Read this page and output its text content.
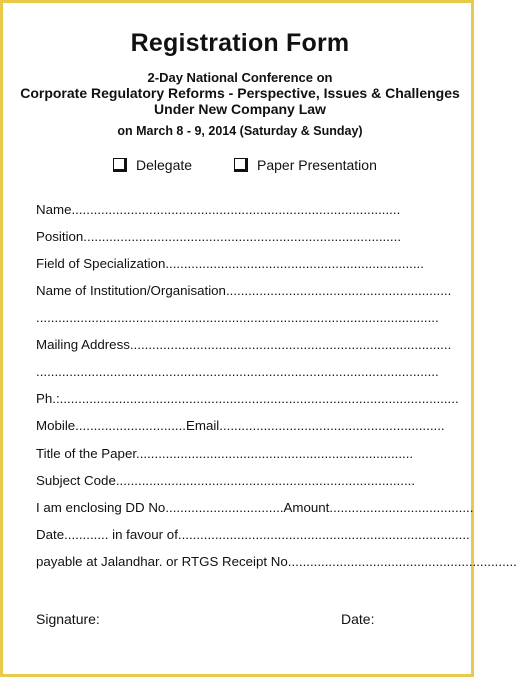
Registration Form
2-Day National Conference on
Corporate Regulatory Reforms - Perspective, Issues & Challenges
Under New Company Law
on March 8 - 9, 2014 (Saturday & Sunday)
Delegate	Paper Presentation
Name.........................................................................................
Position......................................................................................
Field of Specialization......................................................................
Name of Institution/Organisation.............................................................
.............................................................................................................
Mailing Address.......................................................................................
.............................................................................................................
Ph.:............................................................................................................
Mobile..............................Email.............................................................
Title of the Paper...........................................................................
Subject Code.................................................................................
I am enclosing DD No................................Amount.......................................
Date............ in favour of...............................................................................
payable at Jalandhar. or RTGS Receipt No..............................................................
Signature:	Date:
